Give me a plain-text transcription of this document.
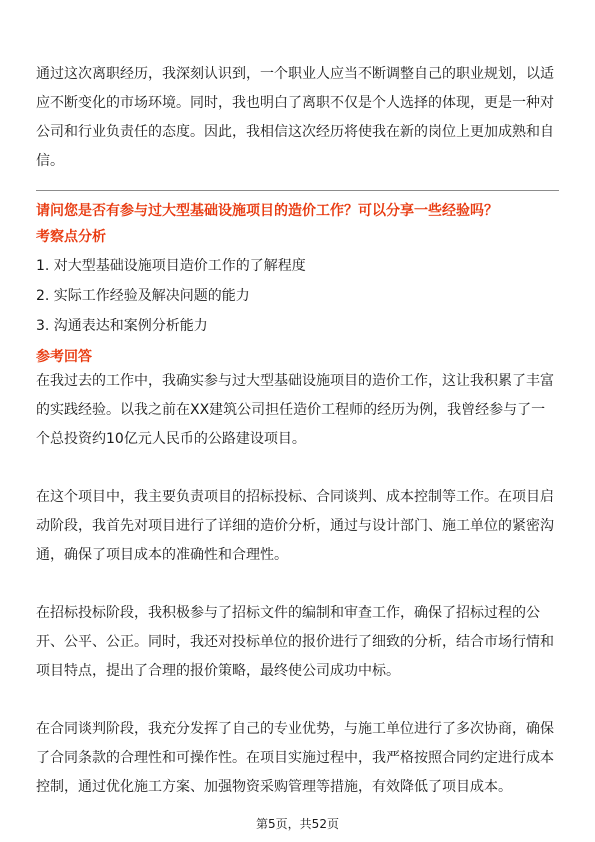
通过这次离职经历，我深刻认识到，一个职业人应当不断调整自己的职业规划，以适应不断变化的市场环境。同时，我也明白了离职不仅是个人选择的体现，更是一种对公司和行业负责任的态度。因此，我相信这次经历将使我在新的岗位上更加成熟和自信。

请问您是否有参与过大型基础设施项目的造价工作？可以分享一些经验吗？

考察点分析

1. 对大型基础设施项目造价工作的了解程度

2. 实际工作经验及解决问题的能力

3. 沟通表达和案例分析能力

参考回答

在我过去的工作中，我确实参与过大型基础设施项目的造价工作，这让我积累了丰富的实践经验。以我之前在XX建筑公司担任造价工程师的经历为例，我曾经参与了一个总投资约10亿元人民币的公路建设项目。

在这个项目中，我主要负责项目的招标投标、合同谈判、成本控制等工作。在项目启动阶段，我首先对项目进行了详细的造价分析，通过与设计部门、施工单位的紧密沟通，确保了项目成本的准确性和合理性。

在招标投标阶段，我积极参与了招标文件的编制和审查工作，确保了招标过程的公开、公平、公正。同时，我还对投标单位的报价进行了细致的分析，结合市场行情和项目特点，提出了合理的报价策略，最终使公司成功中标。

在合同谈判阶段，我充分发挥了自己的专业优势，与施工单位进行了多次协商，确保了合同条款的合理性和可操作性。在项目实施过程中，我严格按照合同约定进行成本控制，通过优化施工方案、加强物资采购管理等措施，有效降低了项目成本。

第5页，共52页
